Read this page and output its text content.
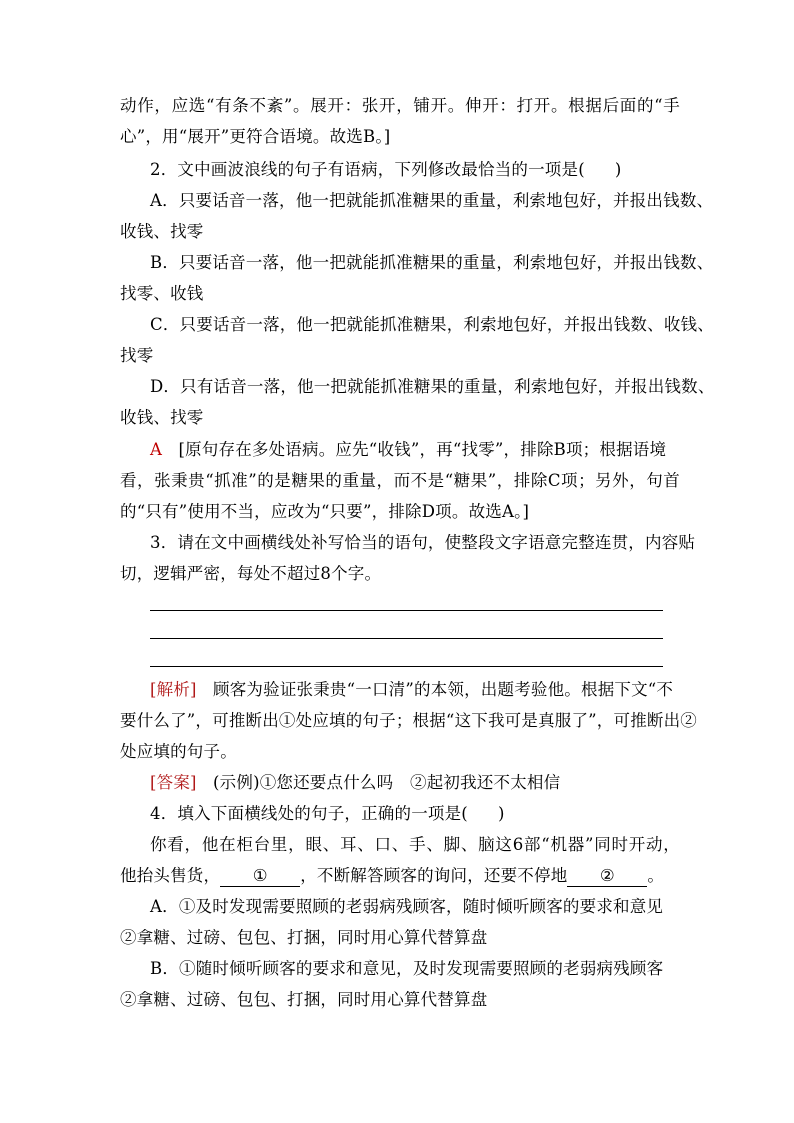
动作，应选“有条不紊”。展开：张开，铺开。伸开：打开。根据后面的“手
心”，用“展开”更符合语境。故选B。]
2．文中画波浪线的句子有语病，下列修改最恰当的一项是( )
A．只要话音一落，他一把就能抓准糖果的重量，利索地包好，并报出钱数、
收钱、找零
B．只要话音一落，他一把就能抓准糖果的重量，利索地包好，并报出钱数、
找零、收钱
C．只要话音一落，他一把就能抓准糖果，利索地包好，并报出钱数、收钱、
找零
D．只有话音一落，他一把就能抓准糖果的重量，利索地包好，并报出钱数、
收钱、找零
A [原句存在多处语病。应先“收钱”，再“找零”，排除B项；根据语境
看，张秉贵“抓准”的是糖果的重量，而不是“糖果”，排除C项；另外，句首
的“只有”使用不当，应改为“只要”，排除D项。故选A。]
3．请在文中画横线处补写恰当的语句，使整段文字语意完整连贯，内容贴
切，逻辑严密，每处不超过8个字。
[解析] 顾客为验证张秉贵“一口清”的本领，出题考验他。根据下文“不
要什么了”，可推断出①处应填的句子；根据“这下我可是真服了”，可推断出②
处应填的句子。
[答案] (示例)①您还要点什么吗　②起初我还不太相信
4．填入下面横线处的句子，正确的一项是( )
你看，他在柜台里，眼、耳、口、手、脚、脑这6部“机器”同时开动，
他抬头售货， ① ，不断解答顾客的询问，还要不停地 ② 。
A．①及时发现需要照顾的老弱病残顾客，随时倾听顾客的要求和意见
②拿糖、过磅、包包、打捆，同时用心算代替算盘
B．①随时倾听顾客的要求和意见，及时发现需要照顾的老弱病残顾客
②拿糖、过磅、包包、打捆，同时用心算代替算盘
